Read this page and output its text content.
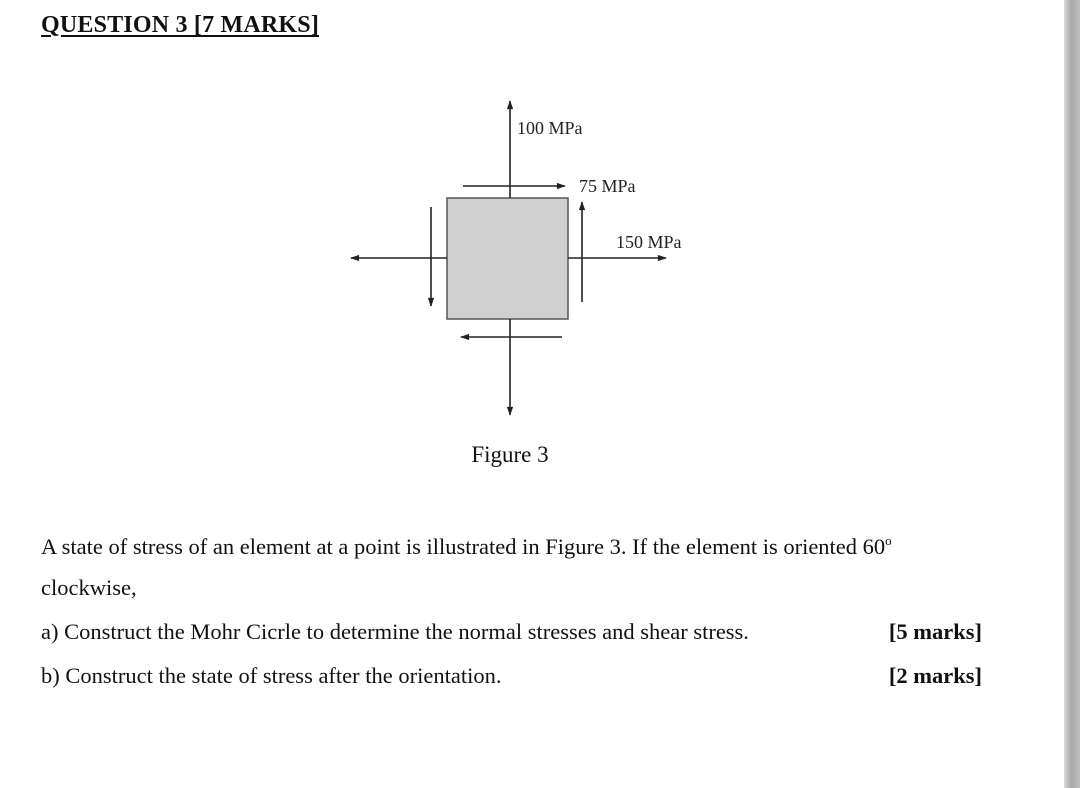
QUESTION 3 [7 MARKS]
100 MPa
75 MPa
150 MPa
Figure 3
A state of stress of an element at a point is illustrated in Figure 3. If the element is oriented 60$^o$
clockwise,
a) Construct the Mohr Cicrle to determine the normal stresses and shear stress.	[5 marks]
b) Construct the state of stress after the orientation.	[2 marks]
